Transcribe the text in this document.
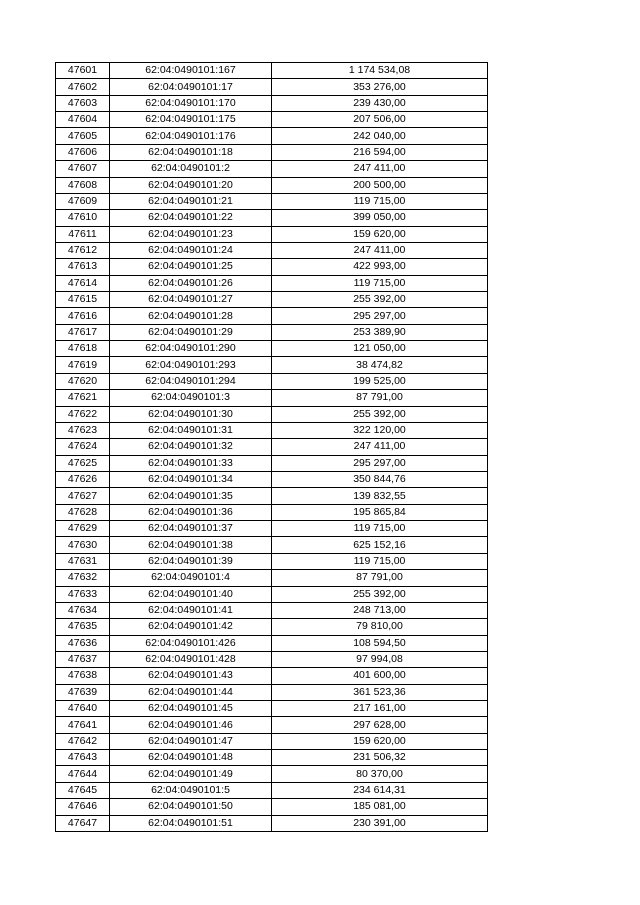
47601	62:04:0490101:167	1 174 534,08
47602	62:04:0490101:17	353 276,00
47603	62:04:0490101:170	239 430,00
47604	62:04:0490101:175	207 506,00
47605	62:04:0490101:176	242 040,00
47606	62:04:0490101:18	216 594,00
47607	62:04:0490101:2	247 411,00
47608	62:04:0490101:20	200 500,00
47609	62:04:0490101:21	119 715,00
47610	62:04:0490101:22	399 050,00
47611	62:04:0490101:23	159 620,00
47612	62:04:0490101:24	247 411,00
47613	62:04:0490101:25	422 993,00
47614	62:04:0490101:26	119 715,00
47615	62:04:0490101:27	255 392,00
47616	62:04:0490101:28	295 297,00
47617	62:04:0490101:29	253 389,90
47618	62:04:0490101:290	121 050,00
47619	62:04:0490101:293	38 474,82
47620	62:04:0490101:294	199 525,00
47621	62:04:0490101:3	87 791,00
47622	62:04:0490101:30	255 392,00
47623	62:04:0490101:31	322 120,00
47624	62:04:0490101:32	247 411,00
47625	62:04:0490101:33	295 297,00
47626	62:04:0490101:34	350 844,76
47627	62:04:0490101:35	139 832,55
47628	62:04:0490101:36	195 865,84
47629	62:04:0490101:37	119 715,00
47630	62:04:0490101:38	625 152,16
47631	62:04:0490101:39	119 715,00
47632	62:04:0490101:4	87 791,00
47633	62:04:0490101:40	255 392,00
47634	62:04:0490101:41	248 713,00
47635	62:04:0490101:42	79 810,00
47636	62:04:0490101:426	108 594,50
47637	62:04:0490101:428	97 994,08
47638	62:04:0490101:43	401 600,00
47639	62:04:0490101:44	361 523,36
47640	62:04:0490101:45	217 161,00
47641	62:04:0490101:46	297 628,00
47642	62:04:0490101:47	159 620,00
47643	62:04:0490101:48	231 506,32
47644	62:04:0490101:49	80 370,00
47645	62:04:0490101:5	234 614,31
47646	62:04:0490101:50	185 081,00
47647	62:04:0490101:51	230 391,00
